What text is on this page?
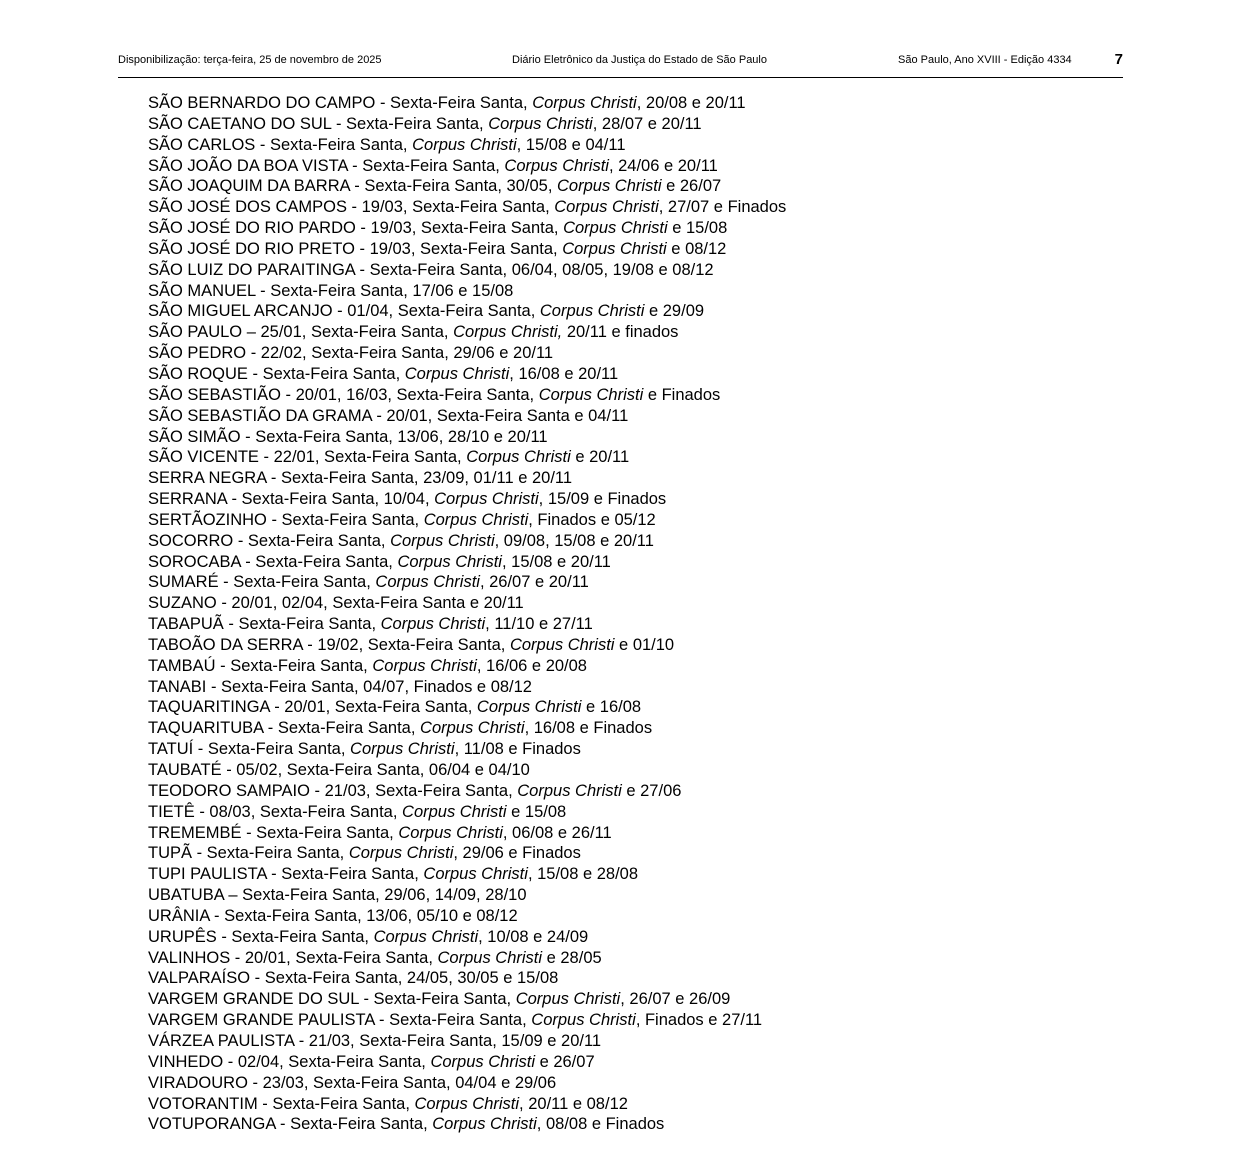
Disponibilização: terça-feira, 25 de novembro de 2025	Diário Eletrônico da Justiça do Estado de São Paulo	São Paulo, Ano XVIII - Edição 4334	7
SÃO BERNARDO DO CAMPO - Sexta-Feira Santa, Corpus Christi, 20/08 e 20/11
SÃO CAETANO DO SUL - Sexta-Feira Santa, Corpus Christi, 28/07 e 20/11
SÃO CARLOS - Sexta-Feira Santa, Corpus Christi, 15/08 e 04/11
SÃO JOÃO DA BOA VISTA - Sexta-Feira Santa, Corpus Christi, 24/06 e 20/11
SÃO JOAQUIM DA BARRA - Sexta-Feira Santa, 30/05, Corpus Christi e 26/07
SÃO JOSÉ DOS CAMPOS - 19/03, Sexta-Feira Santa, Corpus Christi, 27/07 e Finados
SÃO JOSÉ DO RIO PARDO - 19/03, Sexta-Feira Santa, Corpus Christi e 15/08
SÃO JOSÉ DO RIO PRETO - 19/03, Sexta-Feira Santa, Corpus Christi e 08/12
SÃO LUIZ DO PARAITINGA - Sexta-Feira Santa, 06/04, 08/05, 19/08 e 08/12
SÃO MANUEL - Sexta-Feira Santa, 17/06 e 15/08
SÃO MIGUEL ARCANJO - 01/04, Sexta-Feira Santa, Corpus Christi e 29/09
SÃO PAULO – 25/01, Sexta-Feira Santa, Corpus Christi, 20/11 e finados
SÃO PEDRO - 22/02, Sexta-Feira Santa, 29/06 e 20/11
SÃO ROQUE - Sexta-Feira Santa, Corpus Christi, 16/08 e 20/11
SÃO SEBASTIÃO - 20/01, 16/03, Sexta-Feira Santa, Corpus Christi e Finados
SÃO SEBASTIÃO DA GRAMA - 20/01, Sexta-Feira Santa e 04/11
SÃO SIMÃO - Sexta-Feira Santa, 13/06, 28/10 e 20/11
SÃO VICENTE - 22/01, Sexta-Feira Santa, Corpus Christi e 20/11
SERRA NEGRA - Sexta-Feira Santa, 23/09, 01/11 e 20/11
SERRANA - Sexta-Feira Santa, 10/04, Corpus Christi, 15/09 e Finados
SERTÃOZINHO - Sexta-Feira Santa, Corpus Christi, Finados e 05/12
SOCORRO - Sexta-Feira Santa, Corpus Christi, 09/08, 15/08 e 20/11
SOROCABA - Sexta-Feira Santa, Corpus Christi, 15/08 e 20/11
SUMARÉ - Sexta-Feira Santa, Corpus Christi, 26/07 e 20/11
SUZANO - 20/01, 02/04, Sexta-Feira Santa e 20/11
TABAPUÃ - Sexta-Feira Santa, Corpus Christi, 11/10 e 27/11
TABOÃO DA SERRA - 19/02, Sexta-Feira Santa, Corpus Christi e 01/10
TAMBAÚ - Sexta-Feira Santa, Corpus Christi, 16/06 e 20/08
TANABI - Sexta-Feira Santa, 04/07, Finados e 08/12
TAQUARITINGA - 20/01, Sexta-Feira Santa, Corpus Christi e 16/08
TAQUARITUBA - Sexta-Feira Santa, Corpus Christi, 16/08 e Finados
TATUÍ - Sexta-Feira Santa, Corpus Christi, 11/08 e Finados
TAUBATÉ - 05/02, Sexta-Feira Santa, 06/04 e 04/10
TEODORO SAMPAIO - 21/03, Sexta-Feira Santa, Corpus Christi e 27/06
TIETÊ - 08/03, Sexta-Feira Santa, Corpus Christi e 15/08
TREMEMBÉ - Sexta-Feira Santa, Corpus Christi, 06/08 e 26/11
TUPÃ - Sexta-Feira Santa, Corpus Christi, 29/06 e Finados
TUPI PAULISTA - Sexta-Feira Santa, Corpus Christi, 15/08 e 28/08
UBATUBA – Sexta-Feira Santa, 29/06, 14/09, 28/10
URÂNIA - Sexta-Feira Santa, 13/06, 05/10 e 08/12
URUPÊS - Sexta-Feira Santa, Corpus Christi, 10/08 e 24/09
VALINHOS - 20/01, Sexta-Feira Santa, Corpus Christi e 28/05
VALPARAÍSO - Sexta-Feira Santa, 24/05, 30/05 e 15/08
VARGEM GRANDE DO SUL - Sexta-Feira Santa, Corpus Christi, 26/07 e 26/09
VARGEM GRANDE PAULISTA - Sexta-Feira Santa, Corpus Christi, Finados e 27/11
VÁRZEA PAULISTA - 21/03, Sexta-Feira Santa, 15/09 e 20/11
VINHEDO - 02/04, Sexta-Feira Santa, Corpus Christi e 26/07
VIRADOURO - 23/03, Sexta-Feira Santa, 04/04 e 29/06
VOTORANTIM - Sexta-Feira Santa, Corpus Christi, 20/11 e 08/12
VOTUPORANGA - Sexta-Feira Santa, Corpus Christi, 08/08 e Finados
